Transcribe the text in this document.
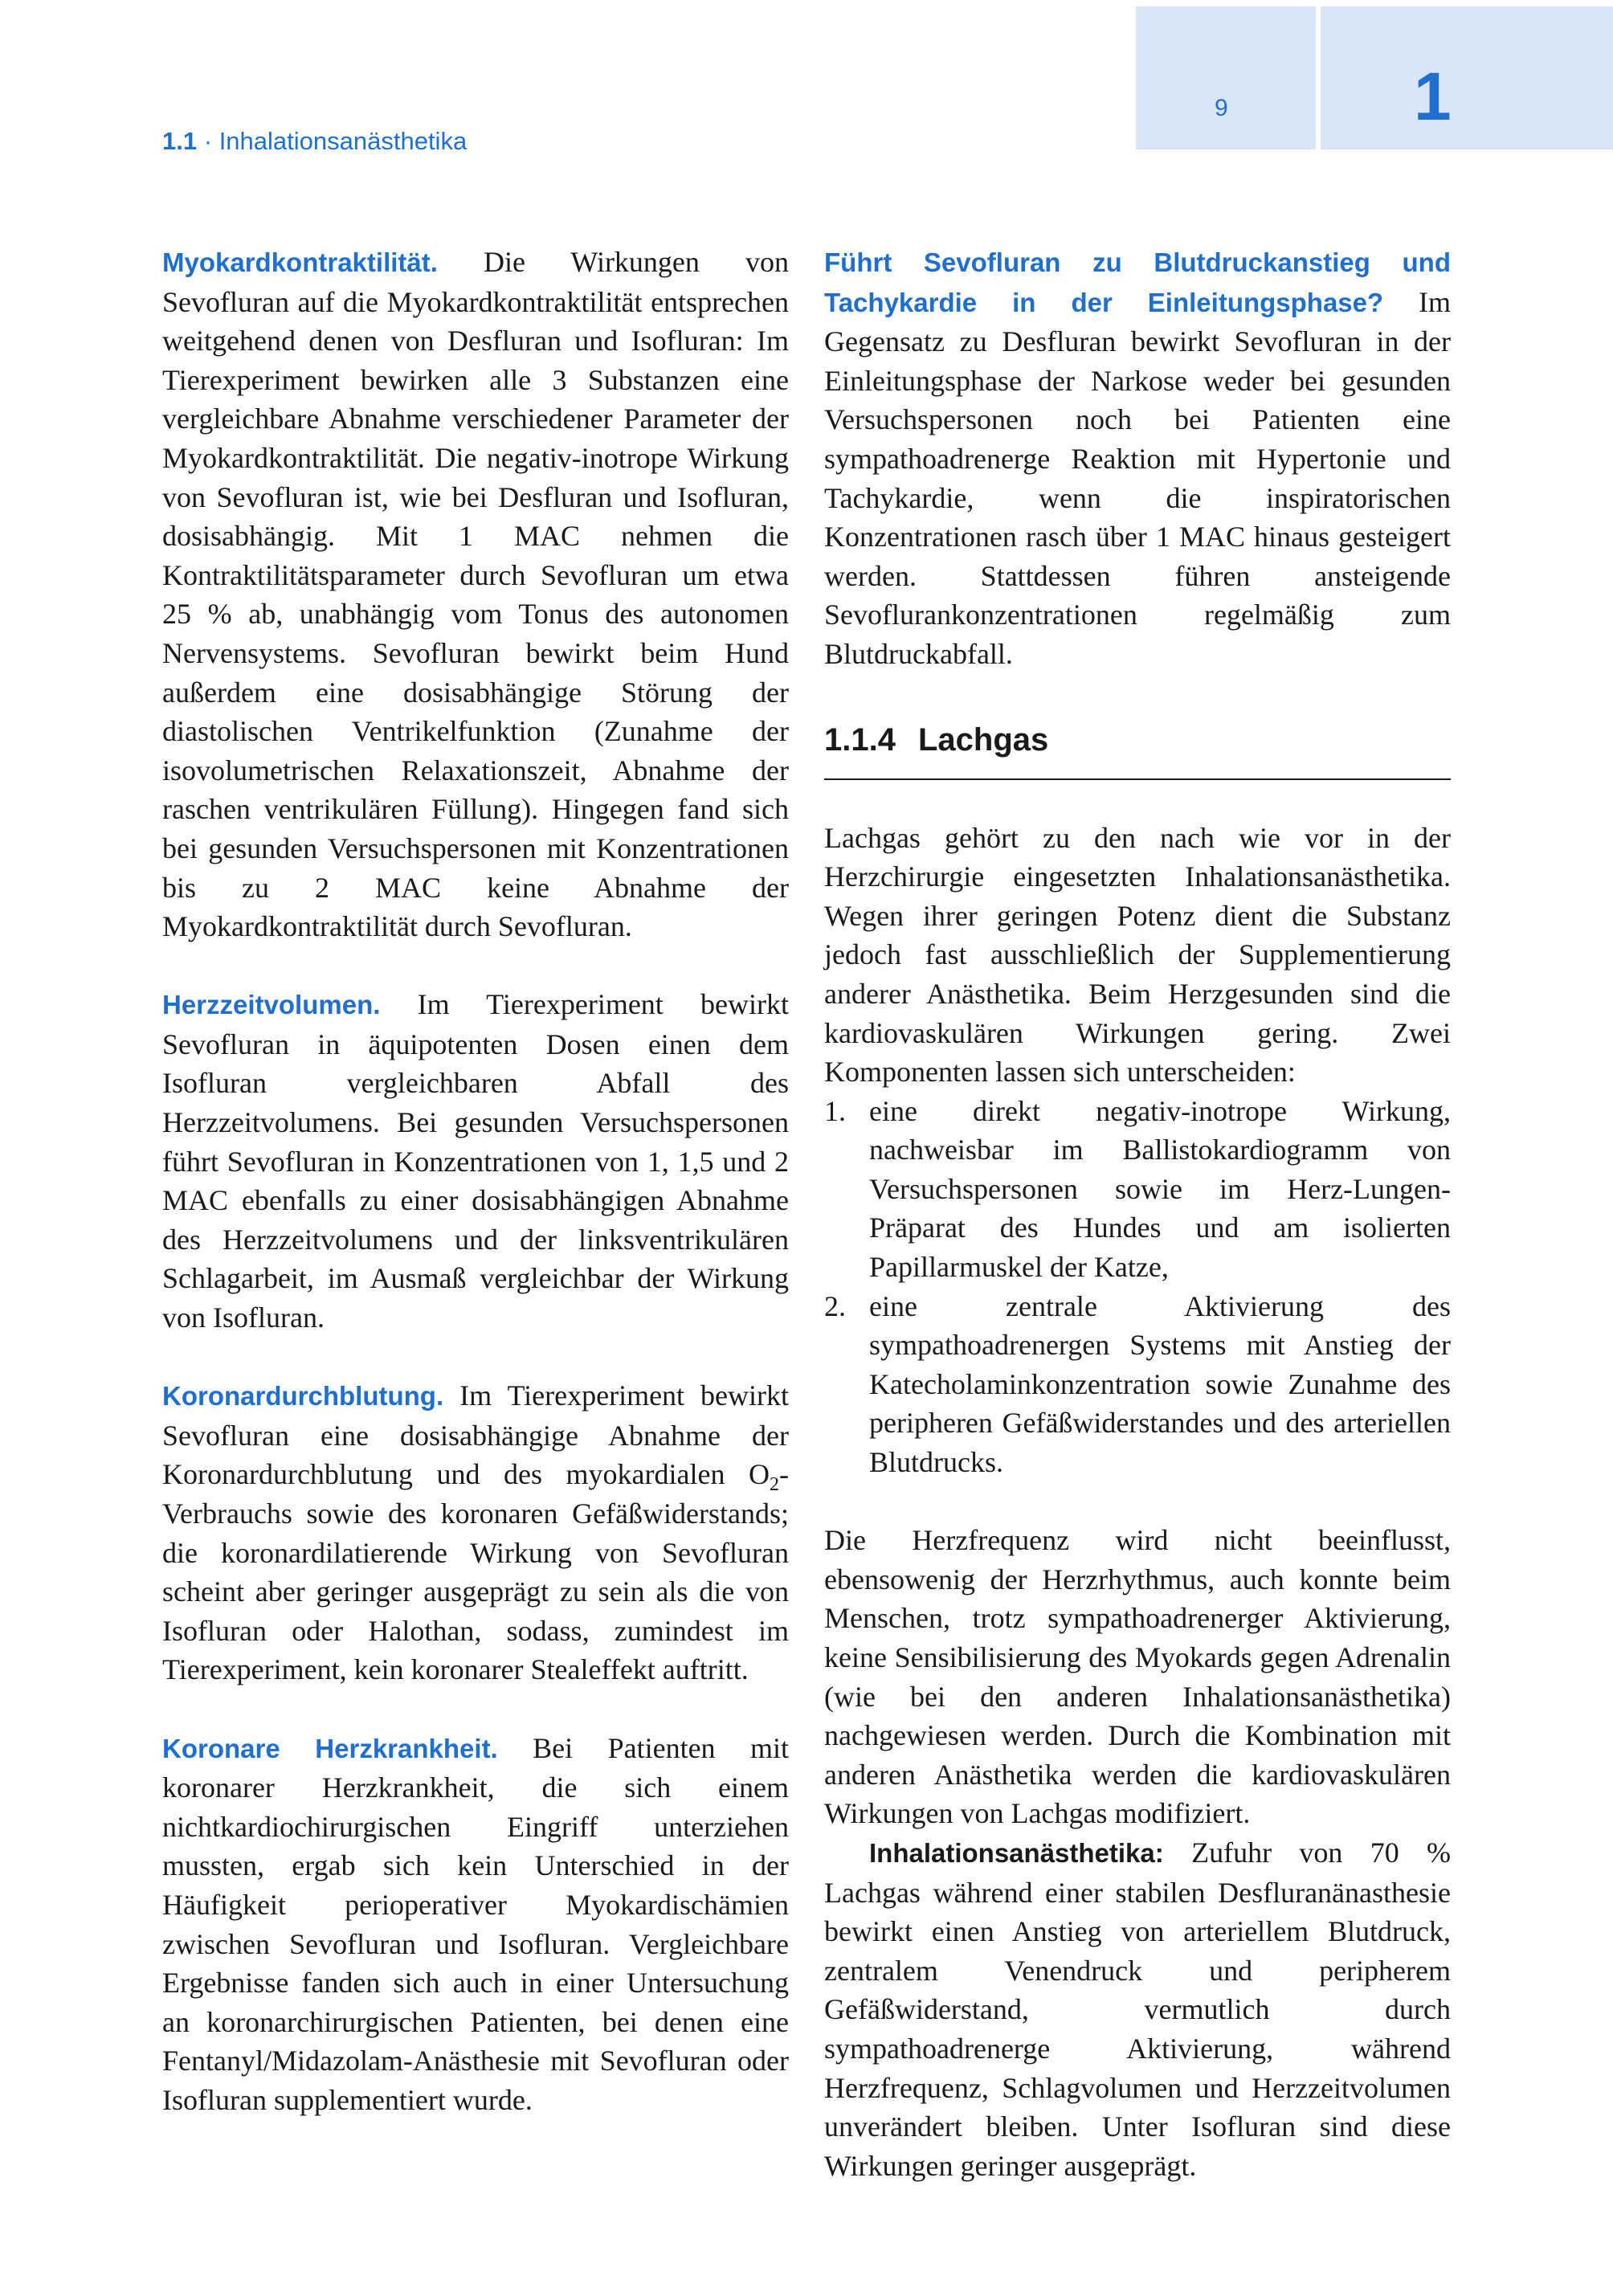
9	1
1.1 · Inhalationsanästhetika

Myokardkontraktilität. Die Wirkungen von Sevofluran auf die Myokardkontraktilität entsprechen weitgehend denen von Desfluran und Isofluran: Im Tierexperiment bewirken alle 3 Substanzen eine vergleichbare Abnahme verschiedener Parameter der Myokardkontraktilität. Die negativ-inotrope Wirkung von Sevofluran ist, wie bei Desfluran und Isofluran, dosisabhängig. Mit 1 MAC nehmen die Kontraktilitätsparameter durch Sevofluran um etwa 25 % ab, unabhängig vom Tonus des autonomen Nervensystems. Sevofluran bewirkt beim Hund außerdem eine dosisabhängige Störung der diastolischen Ventrikelfunktion (Zunahme der isovolumetrischen Relaxationszeit, Abnahme der raschen ventrikulären Füllung). Hingegen fand sich bei gesunden Versuchspersonen mit Konzentrationen bis zu 2 MAC keine Abnahme der Myokardkontraktilität durch Sevofluran.

Herzzeitvolumen. Im Tierexperiment bewirkt Sevofluran in äquipotenten Dosen einen dem Isofluran vergleichbaren Abfall des Herzzeitvolumens. Bei gesunden Versuchspersonen führt Sevofluran in Konzentrationen von 1, 1,5 und 2 MAC ebenfalls zu einer dosisabhängigen Abnahme des Herzzeitvolumens und der linksventrikulären Schlagarbeit, im Ausmaß vergleichbar der Wirkung von Isofluran.

Koronardurchblutung. Im Tierexperiment bewirkt Sevofluran eine dosisabhängige Abnahme der Koronardurchblutung und des myokardialen $O_2$-Verbrauchs sowie des koronaren Gefäßwiderstands; die koronardilatierende Wirkung von Sevofluran scheint aber geringer ausgeprägt zu sein als die von Isofluran oder Halothan, sodass, zumindest im Tierexperiment, kein koronarer Stealeffekt auftritt.

Koronare Herzkrankheit. Bei Patienten mit koronarer Herzkrankheit, die sich einem nichtkardiochirurgischen Eingriff unterziehen mussten, ergab sich kein Unterschied in der Häufigkeit perioperativer Myokardischämien zwischen Sevofluran und Isofluran. Vergleichbare Ergebnisse fanden sich auch in einer Untersuchung an koronarchirurgischen Patienten, bei denen eine Fentanyl/Midazolam-Anästhesie mit Sevofluran oder Isofluran supplementiert wurde.

Führt Sevofluran zu Blutdruckanstieg und Tachykardie in der Einleitungsphase? Im Gegensatz zu Desfluran bewirkt Sevofluran in der Einleitungsphase der Narkose weder bei gesunden Versuchspersonen noch bei Patienten eine sympathoadrenerge Reaktion mit Hypertonie und Tachykardie, wenn die inspiratorischen Konzentrationen rasch über 1 MAC hinaus gesteigert werden. Stattdessen führen ansteigende Sevoflurankonzentrationen regelmäßig zum Blutdruckabfall.

1.1.4 Lachgas

Lachgas gehört zu den nach wie vor in der Herzchirurgie eingesetzten Inhalationsanästhetika. Wegen ihrer geringen Potenz dient die Substanz jedoch fast ausschließlich der Supplementierung anderer Anästhetika. Beim Herzgesunden sind die kardiovaskulären Wirkungen gering. Zwei Komponenten lassen sich unterscheiden:

1. eine direkt negativ-inotrope Wirkung, nachweisbar im Ballistokardiogramm von Versuchspersonen sowie im Herz-Lungen-Präparat des Hundes und am isolierten Papillarmuskel der Katze,
2. eine zentrale Aktivierung des sympathoadrenergen Systems mit Anstieg der Katecholaminkonzentration sowie Zunahme des peripheren Gefäßwiderstandes und des arteriellen Blutdrucks.

Die Herzfrequenz wird nicht beeinflusst, ebensowenig der Herzrhythmus, auch konnte beim Menschen, trotz sympathoadrenerger Aktivierung, keine Sensibilisierung des Myokards gegen Adrenalin (wie bei den anderen Inhalationsanästhetika) nachgewiesen werden. Durch die Kombination mit anderen Anästhetika werden die kardiovaskulären Wirkungen von Lachgas modifiziert.

Inhalationsanästhetika: Zufuhr von 70 % Lachgas während einer stabilen Desfluranänasthesie bewirkt einen Anstieg von arteriellem Blutdruck, zentralem Venendruck und peripherem Gefäßwiderstand, vermutlich durch sympathoadrenerge Aktivierung, während Herzfrequenz, Schlagvolumen und Herzzeitvolumen unverändert bleiben. Unter Isofluran sind diese Wirkungen geringer ausgeprägt.
